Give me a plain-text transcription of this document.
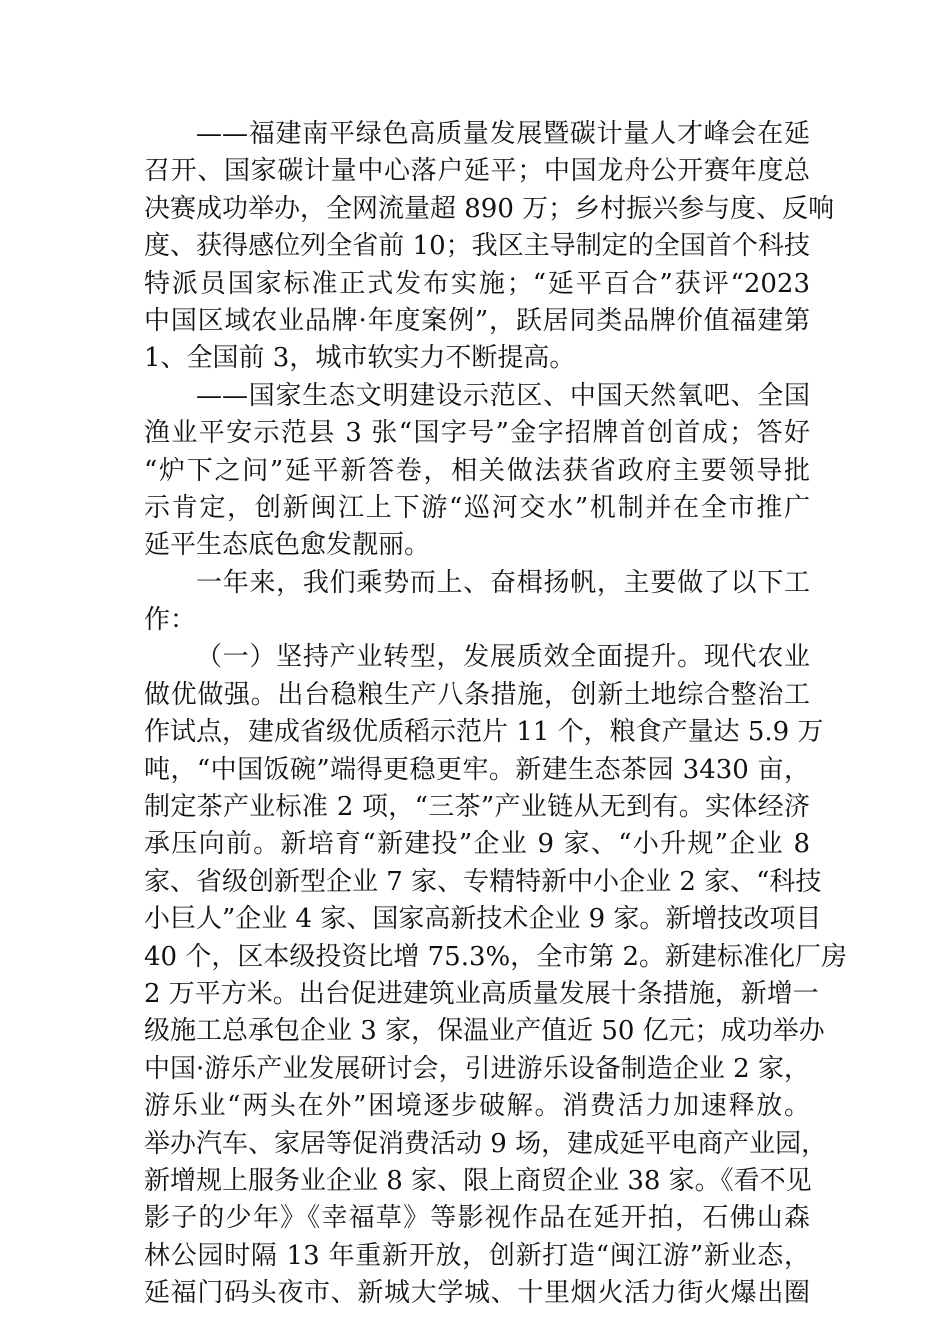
——福建南平绿色高质量发展暨碳计量人才峰会在延
召开、国家碳计量中心落户延平；中国龙舟公开赛年度总
决赛成功举办，全网流量超 890 万；乡村振兴参与度、反响
度、获得感位列全省前 10；我区主导制定的全国首个科技
特派员国家标准正式发布实施；“延平百合”获评“2023
中国区域农业品牌·年度案例”，跃居同类品牌价值福建第
1、全国前 3，城市软实力不断提高。
——国家生态文明建设示范区、中国天然氧吧、全国
渔业平安示范县 3 张“国字号”金字招牌首创首成；答好
“炉下之问”延平新答卷，相关做法获省政府主要领导批
示肯定，创新闽江上下游“巡河交水”机制并在全市推广
延平生态底色愈发靓丽。
一年来，我们乘势而上、奋楫扬帆，主要做了以下工
作：
（一）坚持产业转型，发展质效全面提升。现代农业
做优做强。出台稳粮生产八条措施，创新土地综合整治工
作试点，建成省级优质稻示范片 11 个，粮食产量达 5.9 万
吨，“中国饭碗”端得更稳更牢。新建生态茶园 3430 亩，
制定茶产业标准 2 项，“三茶”产业链从无到有。实体经济
承压向前。新培育“新建投”企业 9 家、“小升规”企业 8
家、省级创新型企业 7 家、专精特新中小企业 2 家、“科技
小巨人”企业 4 家、国家高新技术企业 9 家。新增技改项目
40 个，区本级投资比增 75.3%，全市第 2。新建标准化厂房
2 万平方米。出台促进建筑业高质量发展十条措施，新增一
级施工总承包企业 3 家，保温业产值近 50 亿元；成功举办
中国·游乐产业发展研讨会，引进游乐设备制造企业 2 家，
游乐业“两头在外”困境逐步破解。消费活力加速释放。
举办汽车、家居等促消费活动 9 场，建成延平电商产业园，
新增规上服务业企业 8 家、限上商贸企业 38 家。《看不见
影子的少年》《幸福草》等影视作品在延开拍，石佛山森
林公园时隔 13 年重新开放，创新打造“闽江游”新业态，
延福门码头夜市、新城大学城、十里烟火活力街火爆出圈
